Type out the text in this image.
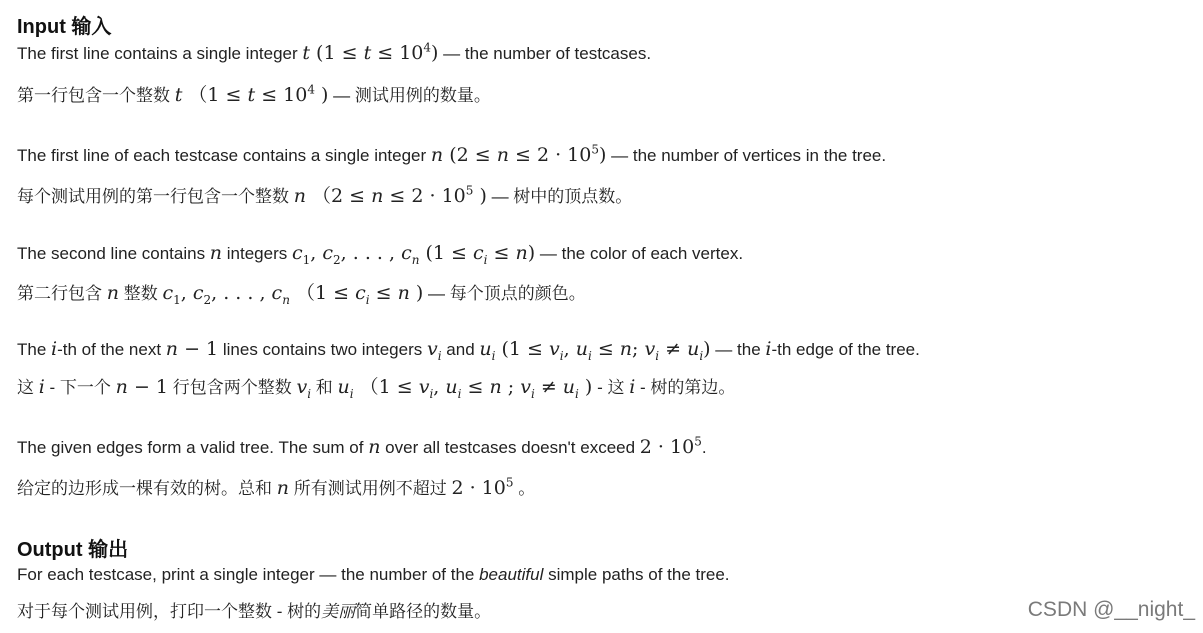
Input 输入
The first line contains a single integer t $(1 \le t \le 10^4)$ — the number of testcases.
第一行包含一个整数 t （$1 \le t \le 10^4$ ) — 测试用例的数量。
The first line of each testcase contains a single integer n $(2 \le n \le 2 \cdot 10^5)$ — the number of vertices in the tree.
每个测试用例的第一行包含一个整数 n （$2 \le n \le 2 \cdot 10^5$ ) — 树中的顶点数。
The second line contains n integers $c_1$, $c_2$, . . . , $c_n$ $(1 \le c_i \le n)$ — the color of each vertex.
第二行包含 n 整数 $c_1$, $c_2$, . . . , $c_n$ （$1 \le c_i \le n$ ) — 每个顶点的颜色。
The i-th of the next n − 1 lines contains two integers $v_i$ and $u_i$ ($1 \le v_i$, $u_i \le n$; $v_i \ne u_i$) — the i-th edge of the tree.
这 i - 下一个 n − 1 行包含两个整数 $v_i$ 和 $u_i$ （$1 \le v_i$, $u_i \le n$ ; $v_i \ne u_i$ ) - 这 i - 树的第边。
The given edges form a valid tree. The sum of n over all testcases doesn't exceed $2 \cdot 10^5$.
给定的边形成一棵有效的树。总和 n 所有测试用例不超过 $2 \cdot 10^5$ 。
Output 输出
For each testcase, print a single integer — the number of the beautiful simple paths of the tree.
对于每个测试用例，打印一个整数 - 树的美丽简单路径的数量。	CSDN @__night_
